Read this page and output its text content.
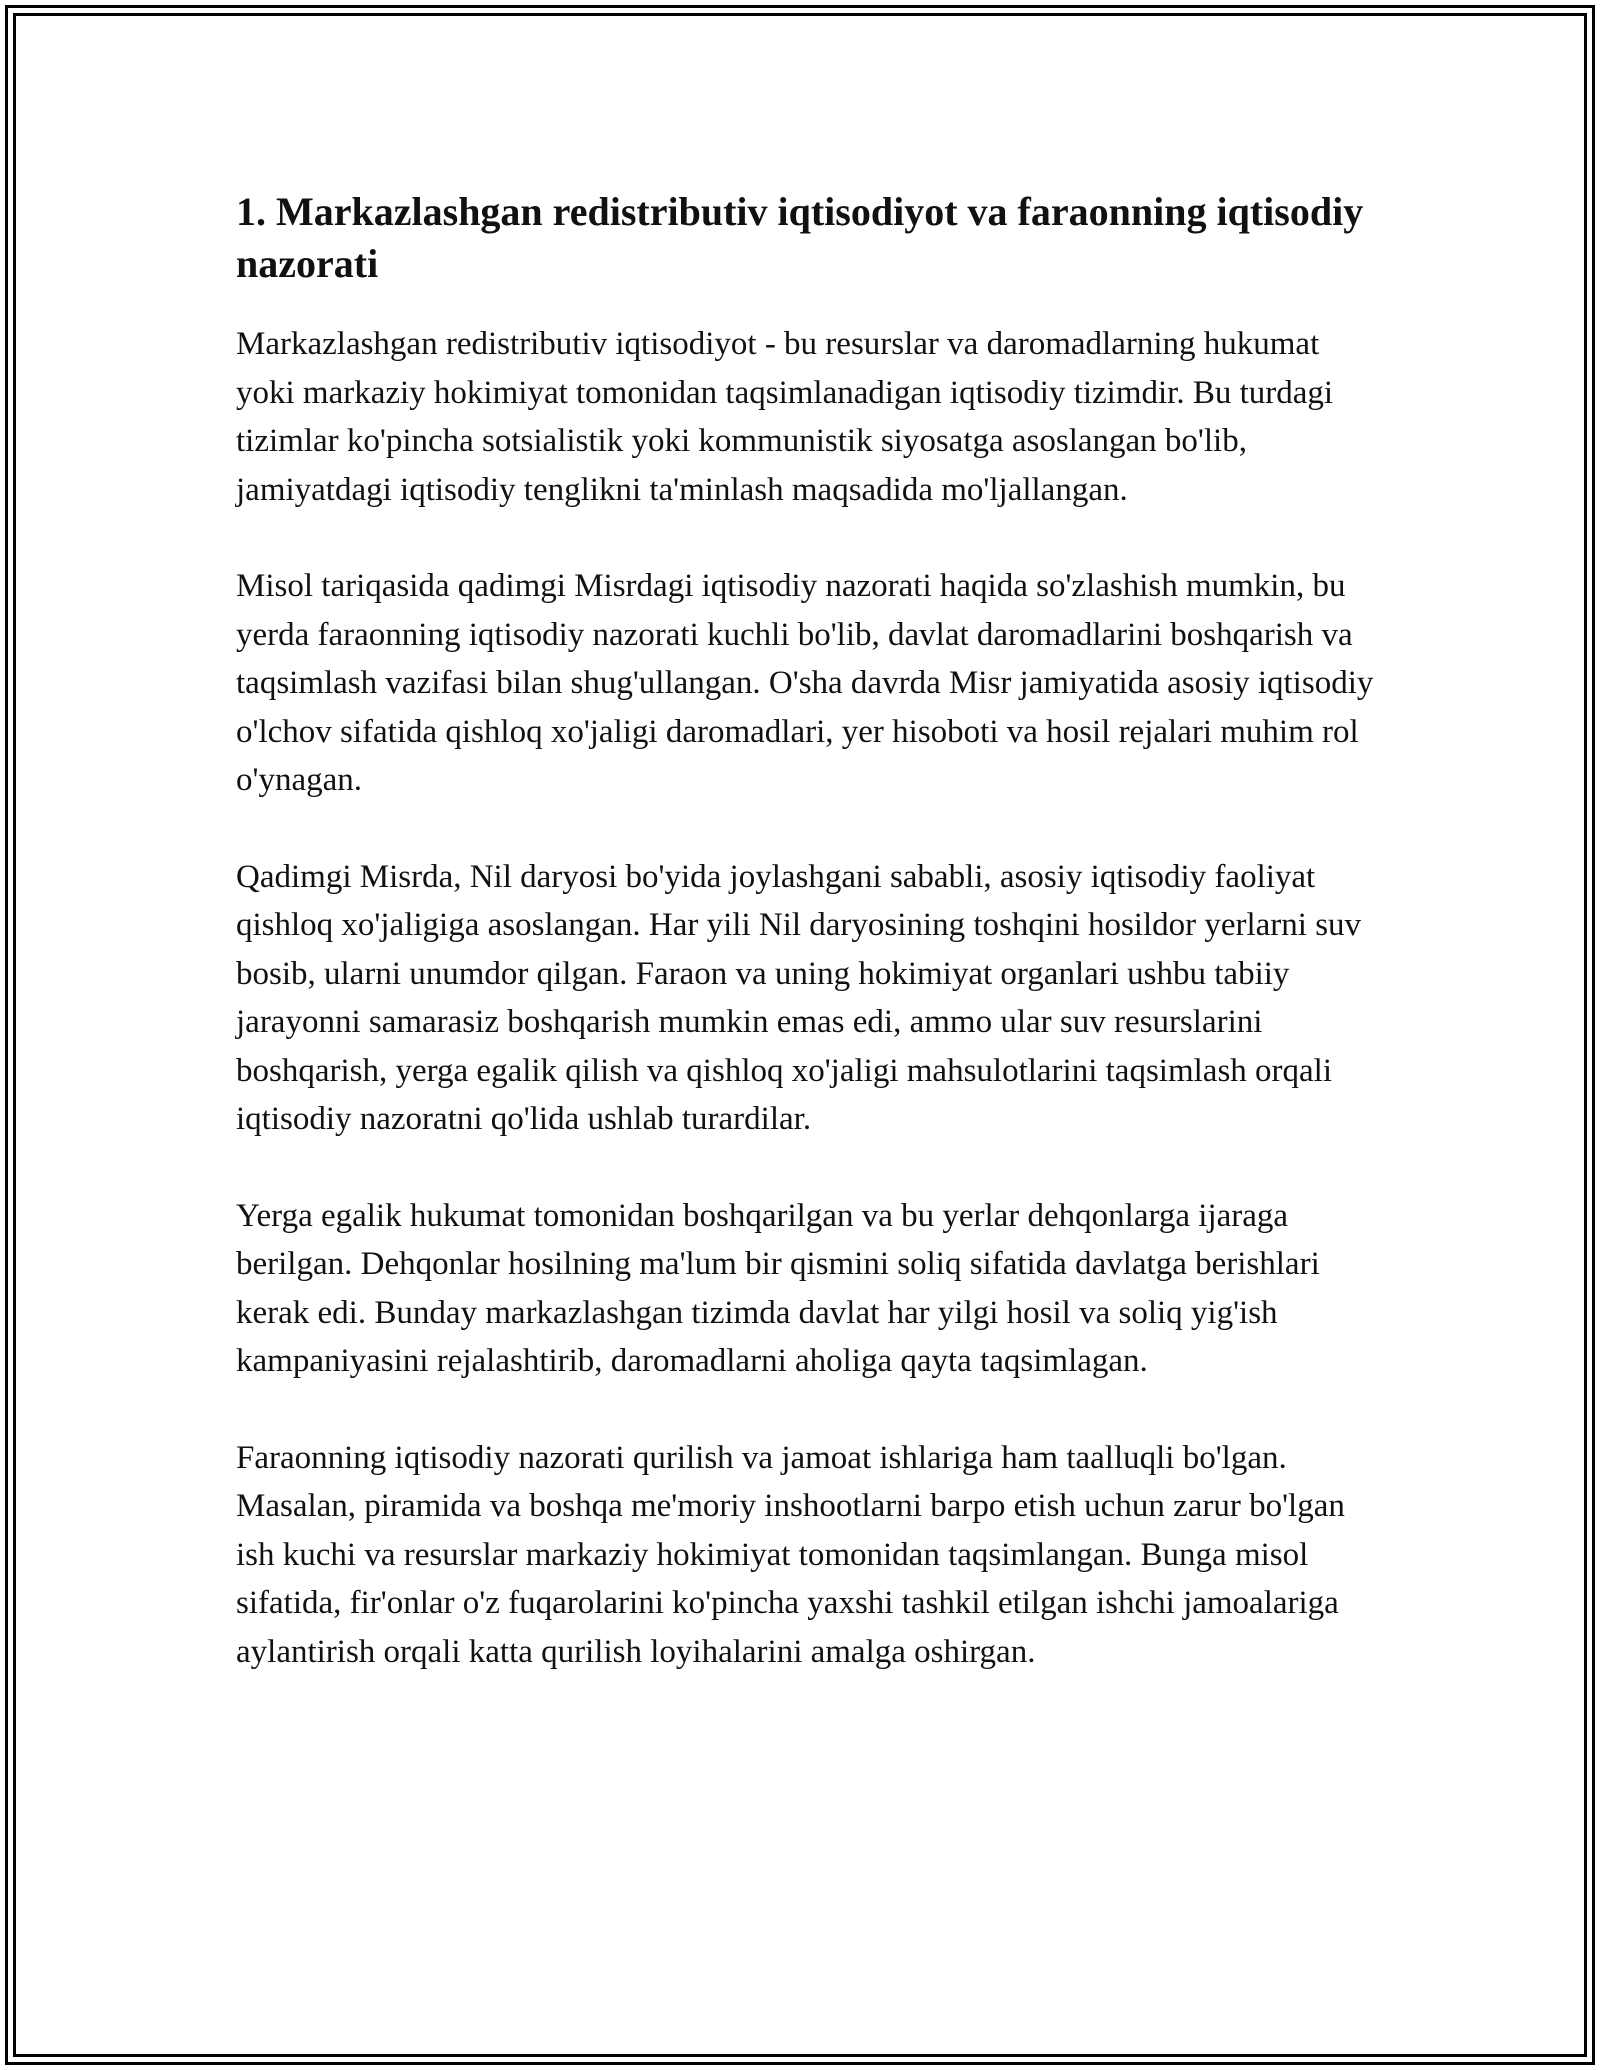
1. Markazlashgan redistributiv iqtisodiyot va faraonning iqtisodiy nazorati

Markazlashgan redistributiv iqtisodiyot - bu resurslar va daromadlarning hukumat yoki markaziy hokimiyat tomonidan taqsimlanadigan iqtisodiy tizimdir. Bu turdagi tizimlar ko'pincha sotsialistik yoki kommunistik siyosatga asoslangan bo'lib, jamiyatdagi iqtisodiy tenglikni ta'minlash maqsadida mo'ljallangan.

Misol tariqasida qadimgi Misrdagi iqtisodiy nazorati haqida so'zlashish mumkin, bu yerda faraonning iqtisodiy nazorati kuchli bo'lib, davlat daromadlarini boshqarish va taqsimlash vazifasi bilan shug'ullangan. O'sha davrda Misr jamiyatida asosiy iqtisodiy o'lchov sifatida qishloq xo'jaligi daromadlari, yer hisoboti va hosil rejalari muhim rol o'ynagan.

Qadimgi Misrda, Nil daryosi bo'yida joylashgani sababli, asosiy iqtisodiy faoliyat qishloq xo'jaligiga asoslangan. Har yili Nil daryosining toshqini hosildor yerlarni suv bosib, ularni unumdor qilgan. Faraon va uning hokimiyat organlari ushbu tabiiy jarayonni samarasiz boshqarish mumkin emas edi, ammo ular suv resurslarini boshqarish, yerga egalik qilish va qishloq xo'jaligi mahsulotlarini taqsimlash orqali iqtisodiy nazoratni qo'lida ushlab turardilar.

Yerga egalik hukumat tomonidan boshqarilgan va bu yerlar dehqonlarga ijaraga berilgan. Dehqonlar hosilning ma'lum bir qismini soliq sifatida davlatga berishlari kerak edi. Bunday markazlashgan tizimda davlat har yilgi hosil va soliq yig'ish kampaniyasini rejalashtirib, daromadlarni aholiga qayta taqsimlagan.

Faraonning iqtisodiy nazorati qurilish va jamoat ishlariga ham taalluqli bo'lgan. Masalan, piramida va boshqa me'moriy inshootlarni barpo etish uchun zarur bo'lgan ish kuchi va resurslar markaziy hokimiyat tomonidan taqsimlangan. Bunga misol sifatida, fir'onlar o'z fuqarolarini ko'pincha yaxshi tashkil etilgan ishchi jamoalariga aylantirish orqali katta qurilish loyihalarini amalga oshirgan.
